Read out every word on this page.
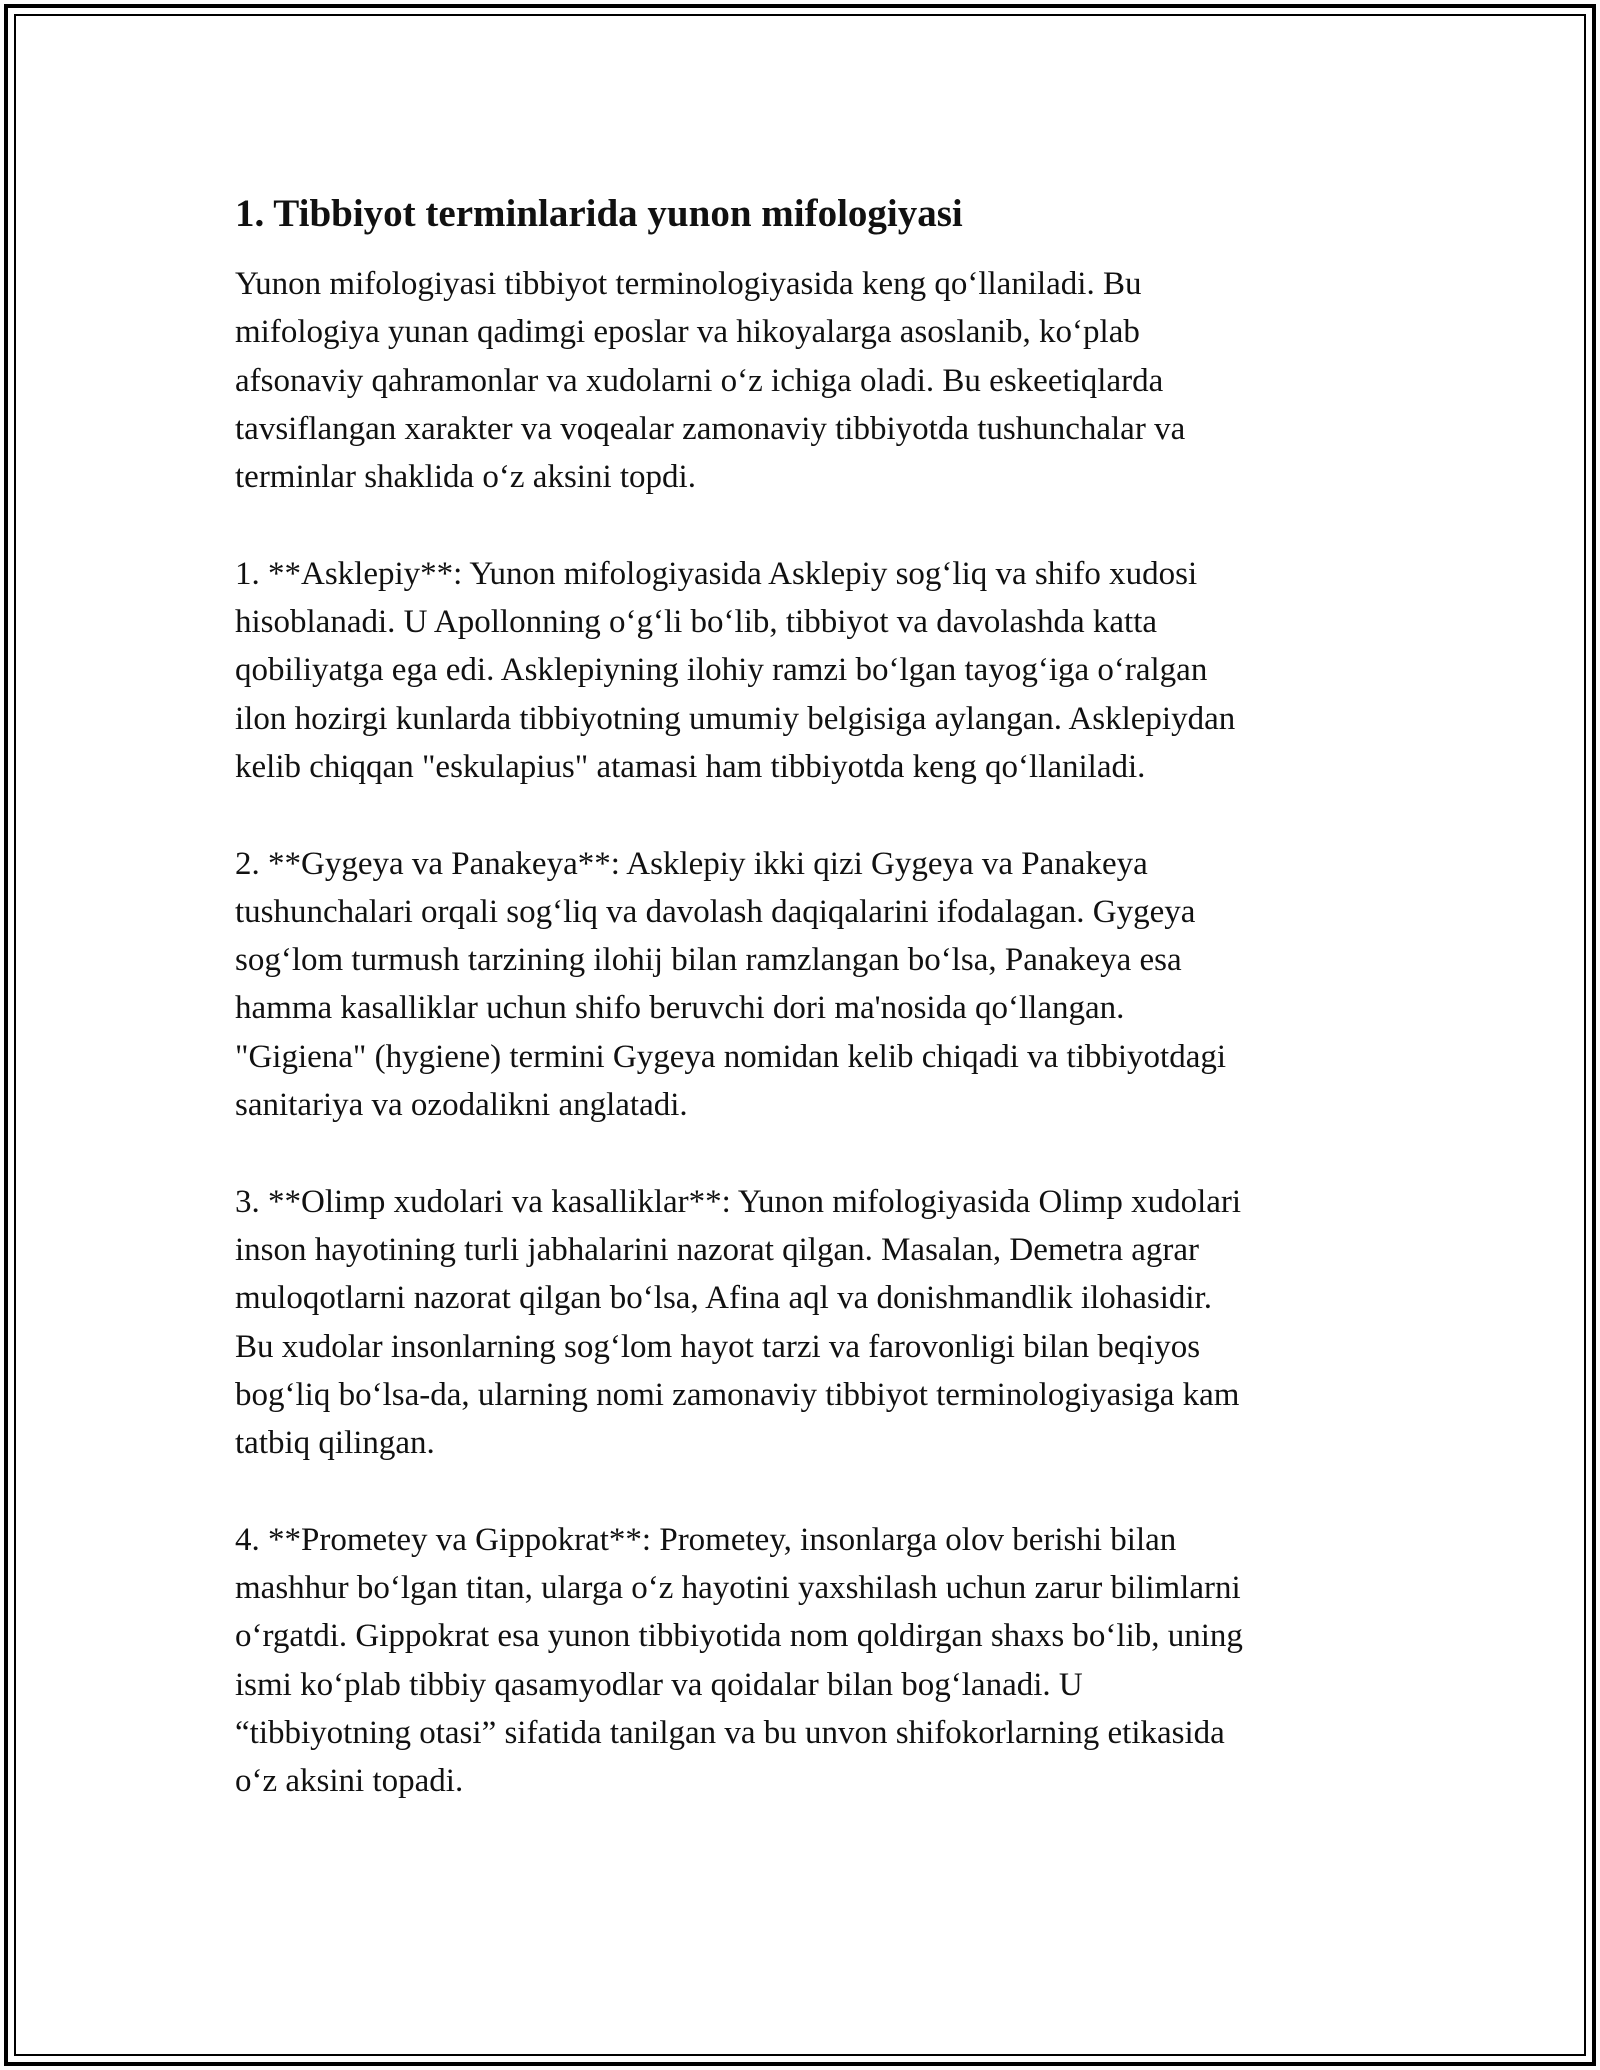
1. Tibbiyot terminlarida yunon mifologiyasi

Yunon mifologiyasi tibbiyot terminologiyasida keng qo‘llaniladi. Bu
mifologiya yunan qadimgi eposlar va hikoyalarga asoslanib, ko‘plab
afsonaviy qahramonlar va xudolarni o‘z ichiga oladi. Bu eskeetiqlarda
tavsiflangan xarakter va voqealar zamonaviy tibbiyotda tushunchalar va
terminlar shaklida o‘z aksini topdi.

1. **Asklepiy**: Yunon mifologiyasida Asklepiy sog‘liq va shifo xudosi
hisoblanadi. U Apollonning o‘g‘li bo‘lib, tibbiyot va davolashda katta
qobiliyatga ega edi. Asklepiyning ilohiy ramzi bo‘lgan tayog‘iga o‘ralgan
ilon hozirgi kunlarda tibbiyotning umumiy belgisiga aylangan. Asklepiydan
kelib chiqqan "eskulapius" atamasi ham tibbiyotda keng qo‘llaniladi.

2. **Gygeya va Panakeya**: Asklepiy ikki qizi Gygeya va Panakeya
tushunchalari orqali sog‘liq va davolash daqiqalarini ifodalagan. Gygeya
sog‘lom turmush tarzining ilohij bilan ramzlangan bo‘lsa, Panakeya esa
hamma kasalliklar uchun shifo beruvchi dori ma'nosida qo‘llangan.
"Gigiena" (hygiene) termini Gygeya nomidan kelib chiqadi va tibbiyotdagi
sanitariya va ozodalikni anglatadi.

3. **Olimp xudolari va kasalliklar**: Yunon mifologiyasida Olimp xudolari
inson hayotining turli jabhalarini nazorat qilgan. Masalan, Demetra agrar
muloqotlarni nazorat qilgan bo‘lsa, Afina aql va donishmandlik ilohasidir.
Bu xudolar insonlarning sog‘lom hayot tarzi va farovonligi bilan beqiyos
bog‘liq bo‘lsa-da, ularning nomi zamonaviy tibbiyot terminologiyasiga kam
tatbiq qilingan.

4. **Prometey va Gippokrat**: Prometey, insonlarga olov berishi bilan
mashhur bo‘lgan titan, ularga o‘z hayotini yaxshilash uchun zarur bilimlarni
o‘rgatdi. Gippokrat esa yunon tibbiyotida nom qoldirgan shaxs bo‘lib, uning
ismi ko‘plab tibbiy qasamyodlar va qoidalar bilan bog‘lanadi. U
“tibbiyotning otasi” sifatida tanilgan va bu unvon shifokorlarning etikasida
o‘z aksini topadi.
